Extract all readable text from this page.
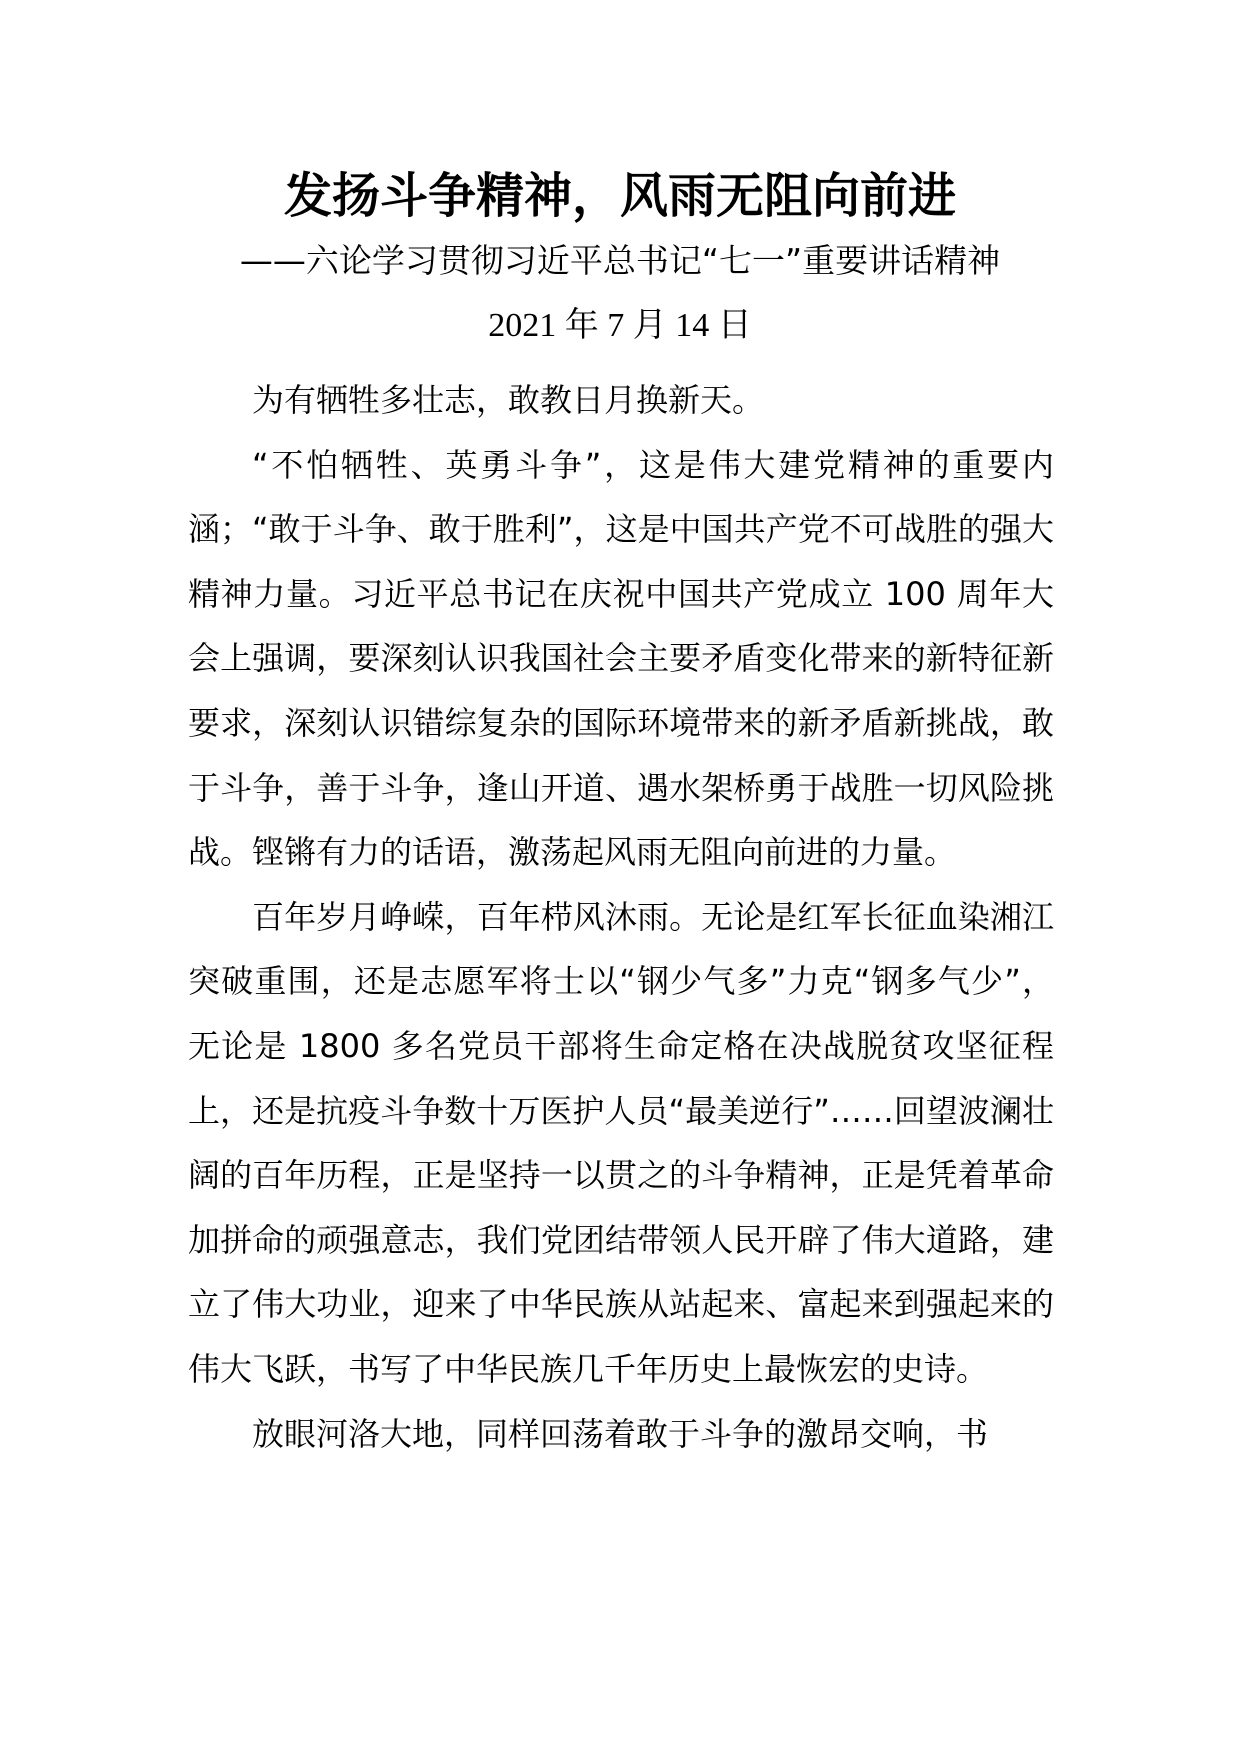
发扬斗争精神，风雨无阻向前进
——六论学习贯彻习近平总书记“七一”重要讲话精神
2021 年 7 月 14 日

为有牺牲多壮志，敢教日月换新天。

“不怕牺牲、英勇斗争”，这是伟大建党精神的重要内涵；“敢于斗争、敢于胜利”，这是中国共产党不可战胜的强大精神力量。习近平总书记在庆祝中国共产党成立 100 周年大会上强调，要深刻认识我国社会主要矛盾变化带来的新特征新要求，深刻认识错综复杂的国际环境带来的新矛盾新挑战，敢于斗争，善于斗争，逢山开道、遇水架桥勇于战胜一切风险挑战。铿锵有力的话语，激荡起风雨无阻向前进的力量。

百年岁月峥嵘，百年栉风沐雨。无论是红军长征血染湘江突破重围，还是志愿军将士以“钢少气多”力克“钢多气少”，无论是 1800 多名党员干部将生命定格在决战脱贫攻坚征程上，还是抗疫斗争数十万医护人员“最美逆行”……回望波澜壮阔的百年历程，正是坚持一以贯之的斗争精神，正是凭着革命加拼命的顽强意志，我们党团结带领人民开辟了伟大道路，建立了伟大功业，迎来了中华民族从站起来、富起来到强起来的伟大飞跃，书写了中华民族几千年历史上最恢宏的史诗。

放眼河洛大地，同样回荡着敢于斗争的激昂交响，书
